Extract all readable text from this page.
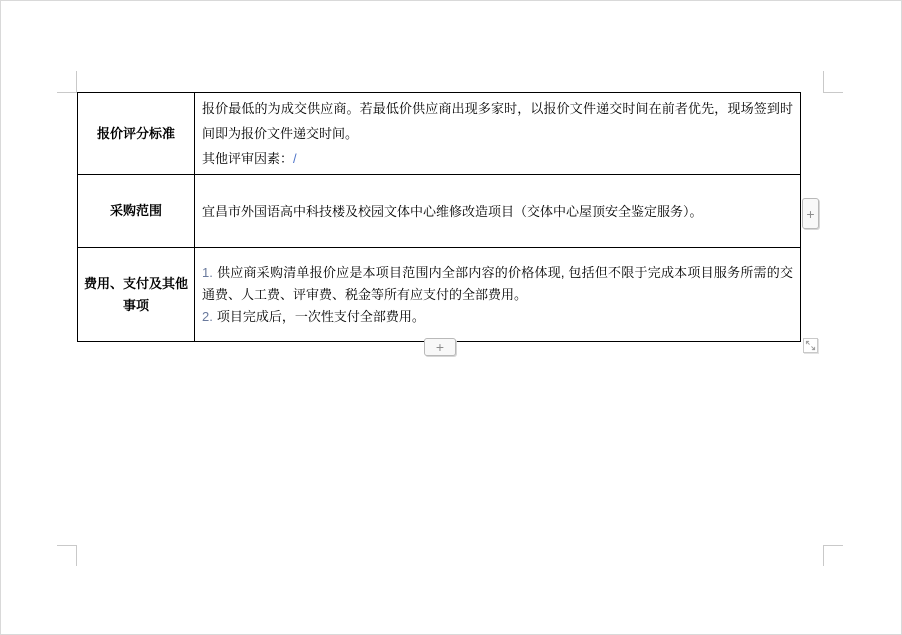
报价评分标准	报价最低的为成交供应商。若最低价供应商出现多家时，以报价文件递交时间在前者优先，现场签到时间即为报价文件递交时间。

其他评审因素：/

采购范围	宜昌市外国语高中科技楼及校园文体中心维修改造项目（交体中心屋顶安全鉴定服务）。

费用、支付及其他事项	1. 供应商采购清单报价应是本项目范围内全部内容的价格体现, 包括但不限于完成本项目服务所需的交通费、人工费、评审费、税金等所有应支付的全部费用。

2. 项目完成后，一次性支付全部费用。

+
+
